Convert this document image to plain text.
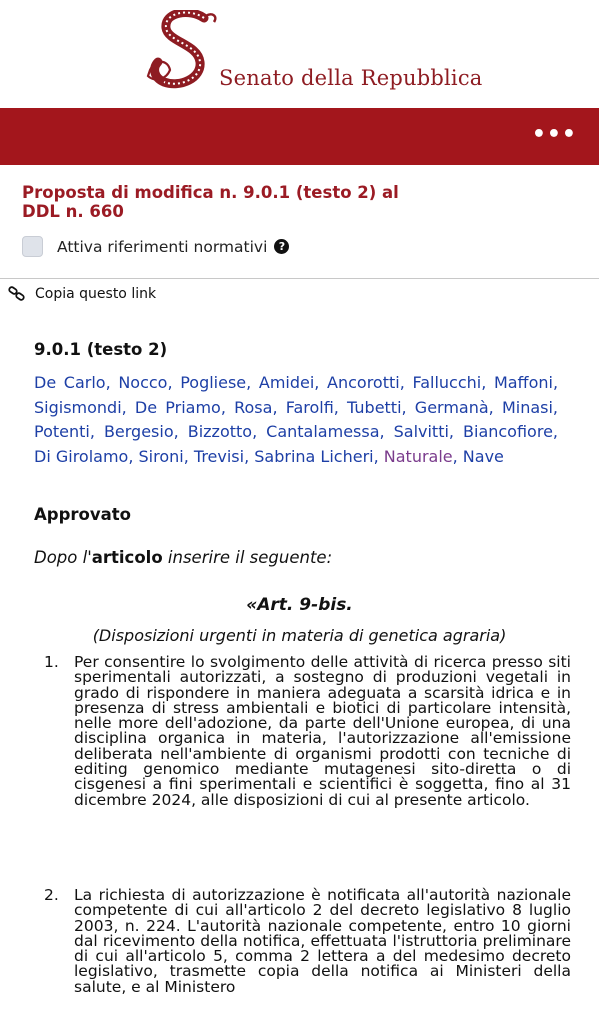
Senato della Repubblica
•••
Proposta di modifica n. 9.0.1 (testo 2) al DDL n. 660
Attiva riferimenti normativi	?
Copia questo link
9.0.1 (testo 2)
De Carlo, Nocco, Pogliese, Amidei, Ancorotti, Fallucchi, Maffoni, Sigismondi, De Priamo, Rosa, Farolfi, Tubetti, Germanà, Minasi, Potenti, Bergesio, Bizzotto, Cantalamessa, Salvitti, Biancofiore, Di Girolamo, Sironi, Trevisi, Sabrina Licheri, Naturale, Nave
Approvato
Dopo l'articolo inserire il seguente:
«Art. 9-bis.
(Disposizioni urgenti in materia di genetica agraria)
1. Per consentire lo svolgimento delle attività di ricerca presso siti sperimentali autorizzati, a sostegno di produzioni vegetali in grado di rispondere in maniera adeguata a scarsità idrica e in presenza di stress ambientali e biotici di particolare intensità, nelle more dell'adozione, da parte dell'Unione europea, di una disciplina organica in materia, l'autorizzazione all'emissione deliberata nell'ambiente di organismi prodotti con tecniche di editing genomico mediante mutagenesi sito-diretta o di cisgenesi a fini sperimentali e scientifici è soggetta, fino al 31 dicembre 2024, alle disposizioni di cui al presente articolo.
2. La richiesta di autorizzazione è notificata all'autorità nazionale competente di cui all'articolo 2 del decreto legislativo 8 luglio 2003, n. 224. L'autorità nazionale competente, entro 10 giorni dal ricevimento della notifica, effettuata l'istruttoria preliminare di cui all'articolo 5, comma 2 lettera a del medesimo decreto legislativo, trasmette copia della notifica ai Ministeri della salute, e al Ministero
